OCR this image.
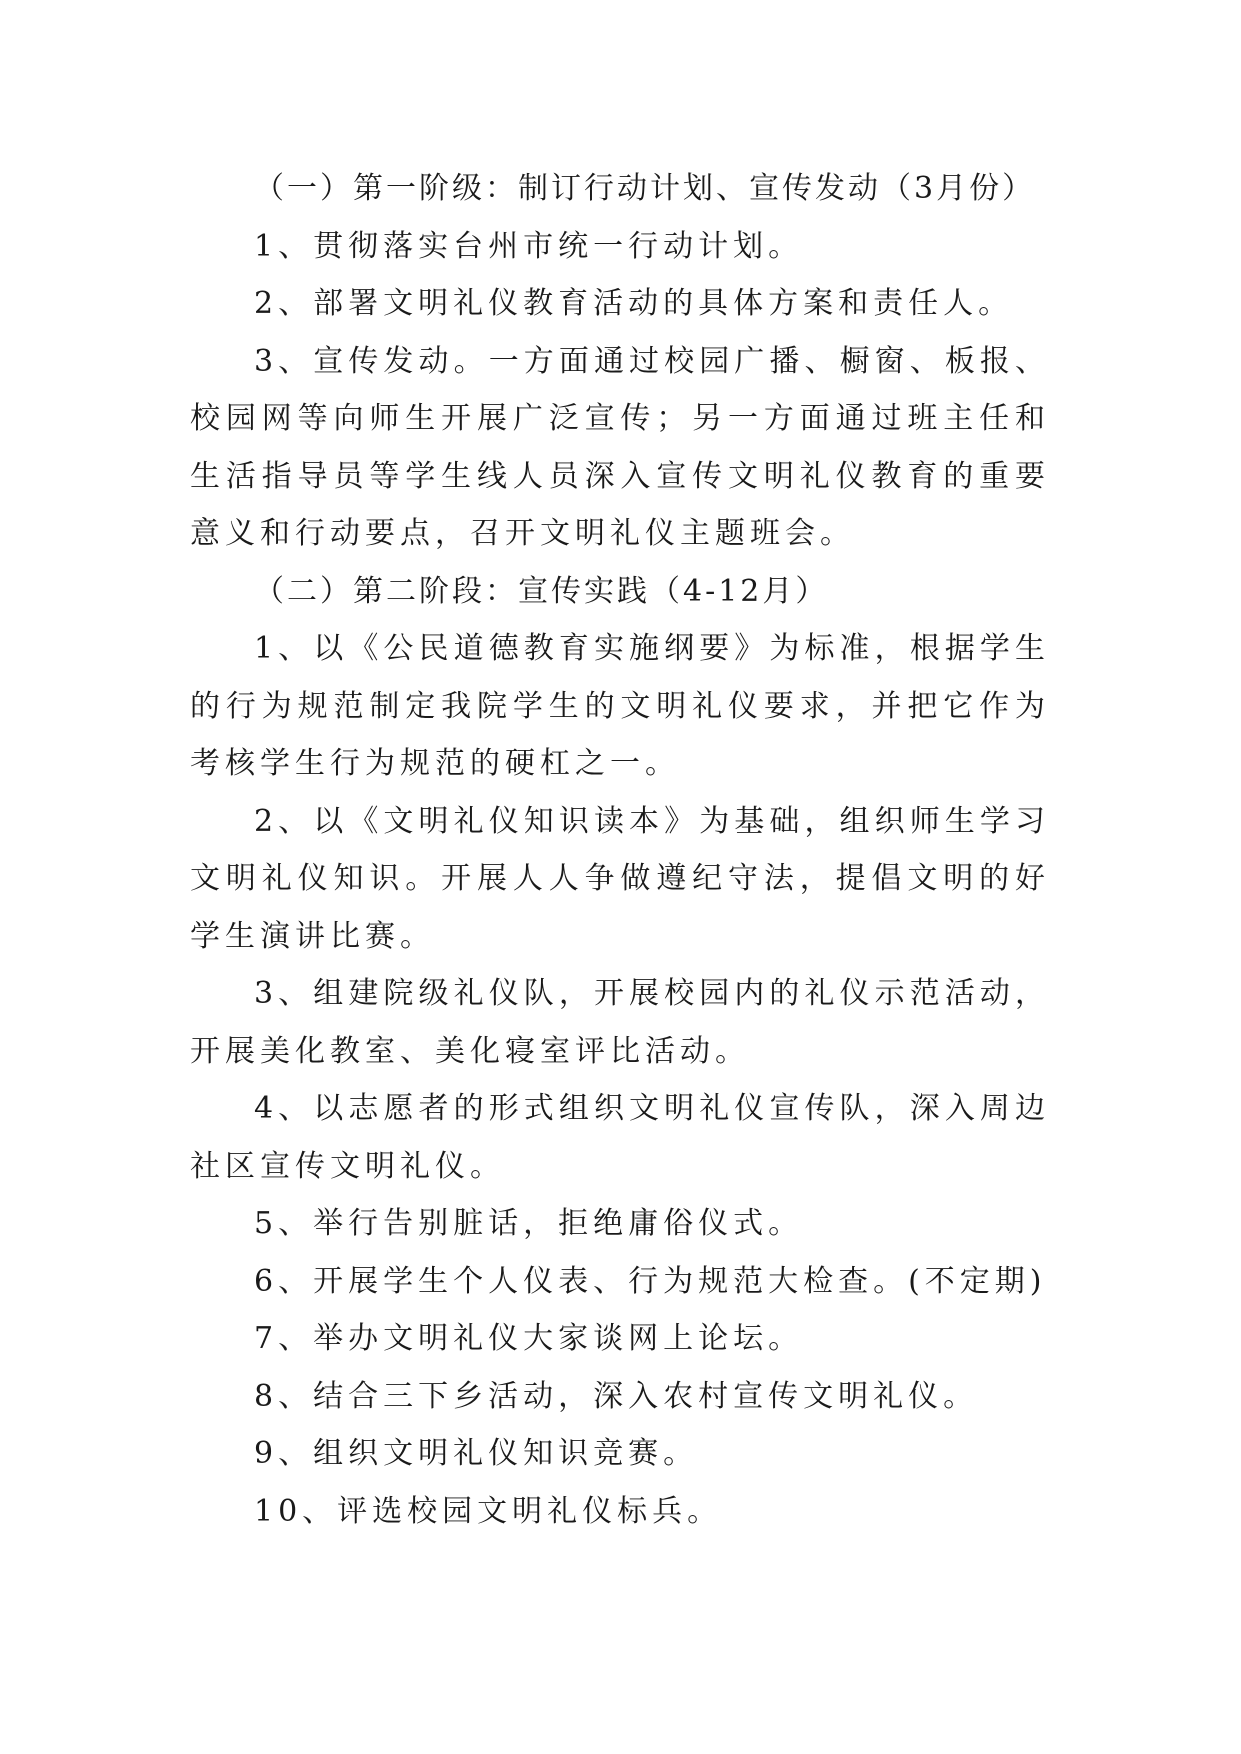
（一）第一阶级：制订行动计划、宣传发动（3月份）

1、贯彻落实台州市统一行动计划。

2、部署文明礼仪教育活动的具体方案和责任人。

3、宣传发动。一方面通过校园广播、橱窗、板报、校园网等向师生开展广泛宣传；另一方面通过班主任和生活指导员等学生线人员深入宣传文明礼仪教育的重要意义和行动要点，召开文明礼仪主题班会。

（二）第二阶段：宣传实践（4-12月）

1、以《公民道德教育实施纲要》为标准，根据学生的行为规范制定我院学生的文明礼仪要求，并把它作为考核学生行为规范的硬杠之一。

2、以《文明礼仪知识读本》为基础，组织师生学习文明礼仪知识。开展人人争做遵纪守法，提倡文明的好学生演讲比赛。

3、组建院级礼仪队，开展校园内的礼仪示范活动，开展美化教室、美化寝室评比活动。

4、以志愿者的形式组织文明礼仪宣传队，深入周边社区宣传文明礼仪。

5、举行告别脏话，拒绝庸俗仪式。

6、开展学生个人仪表、行为规范大检查。(不定期)

7、举办文明礼仪大家谈网上论坛。

8、结合三下乡活动，深入农村宣传文明礼仪。

9、组织文明礼仪知识竞赛。

10、评选校园文明礼仪标兵。
